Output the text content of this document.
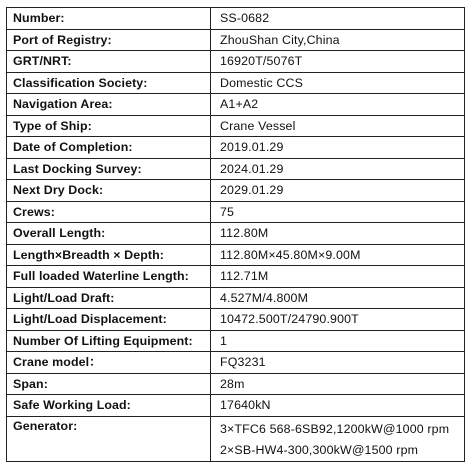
Number:	SS-0682
Port of Registry:	ZhouShan City,China
GRT/NRT:	16920T/5076T
Classification Society:	Domestic CCS
Navigation Area:	A1+A2
Type of Ship:	Crane Vessel
Date of Completion:	2019.01.29
Last Docking Survey:	2024.01.29
Next Dry Dock:	2029.01.29
Crews:	75
Overall Length:	112.80M
Length×Breadth × Depth:	112.80M×45.80M×9.00M
Full loaded Waterline Length:	112.71M
Light/Load Draft:	4.527M/4.800M
Light/Load Displacement:	10472.500T/24790.900T
Number Of Lifting Equipment:	1
Crane model：	FQ3231
Span:	28m
Safe Working Load:	17640kN
Generator:	3×TFC6 568-6SB92,1200kW@1000 rpm
2×SB-HW4-300,300kW@1500 rpm
